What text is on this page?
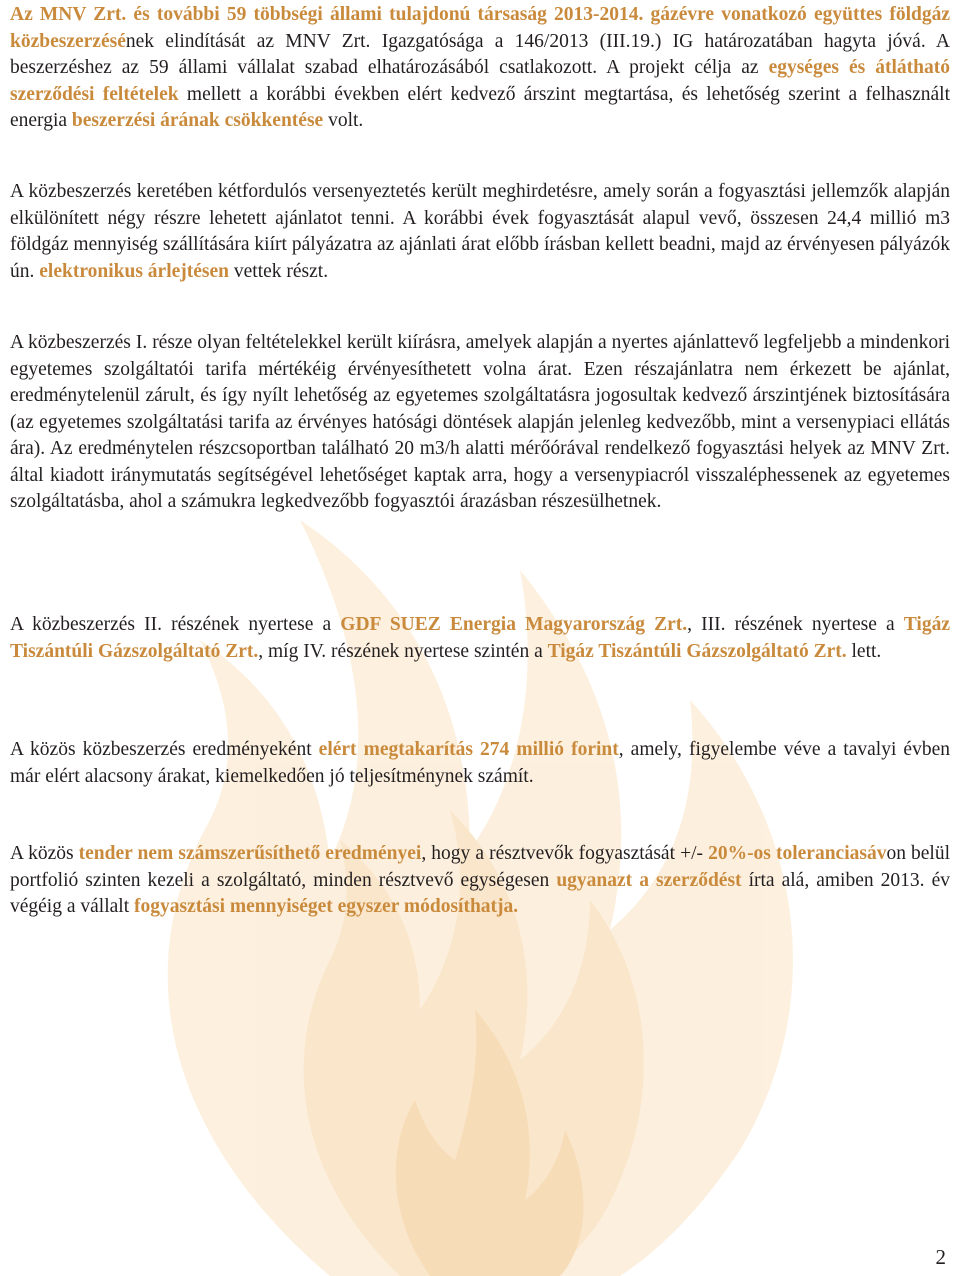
Az MNV Zrt. és további 59 többségi állami tulajdonú társaság 2013-2014. gázévre vonatkozó együttes földgáz közbeszerzésének elindítását az MNV Zrt. Igazgatósága a 146/2013 (III.19.) IG határozatában hagyta jóvá. A beszerzéshez az 59 állami vállalat szabad elhatározásából csatlakozott. A projekt célja az egységes és átlátható szerződési feltételek mellett a korábbi években elért kedvező árszint megtartása, és lehetőség szerint a felhasznált energia beszerzési árának csökkentése volt.

A közbeszerzés keretében kétfordulós versenyeztetés került meghirdetésre, amely során a fogyasztási jellemzők alapján elkülönített négy részre lehetett ajánlatot tenni. A korábbi évek fogyasztását alapul vevő, összesen 24,4 millió m3 földgáz mennyiség szállítására kiírt pályázatra az ajánlati árat előbb írásban kellett beadni, majd az érvényesen pályázók ún. elektronikus árlejtésen vettek részt.

A közbeszerzés I. része olyan feltételekkel került kiírásra, amelyek alapján a nyertes ajánlattevő legfeljebb a mindenkori egyetemes szolgáltatói tarifa mértékéig érvényesíthetett volna árat. Ezen részajánlatra nem érkezett be ajánlat, eredménytelenül zárult, és így nyílt lehetőség az egyetemes szolgáltatásra jogosultak kedvező árszintjének biztosítására (az egyetemes szolgáltatási tarifa az érvényes hatósági döntések alapján jelenleg kedvezőbb, mint a versenypiaci ellátás ára). Az eredménytelen részcsoportban található 20 m3/h alatti mérőórával rendelkező fogyasztási helyek az MNV Zrt. által kiadott iránymutatás segítségével lehetőséget kaptak arra, hogy a versenypiacról visszaléphessenek az egyetemes szolgáltatásba, ahol a számukra legkedvezőbb fogyasztói árazásban részesülhetnek.

A közbeszerzés II. részének nyertese a GDF SUEZ Energia Magyarország Zrt., III. részének nyertese a Tigáz Tiszántúli Gázszolgáltató Zrt., míg IV. részének nyertese szintén a Tigáz Tiszántúli Gázszolgáltató Zrt. lett.

A közös közbeszerzés eredményeként elért megtakarítás 274 millió forint, amely, figyelembe véve a tavalyi évben már elért alacsony árakat, kiemelkedően jó teljesítménynek számít.

A közös tender nem számszerűsíthető eredményei, hogy a résztvevők fogyasztását +/- 20%-os toleranciasávon belül portfolió szinten kezeli a szolgáltató, minden résztvevő egységesen ugyanazt a szerződést írta alá, amiben 2013. év végéig a vállalt fogyasztási mennyiséget egyszer módosíthatja.

2
